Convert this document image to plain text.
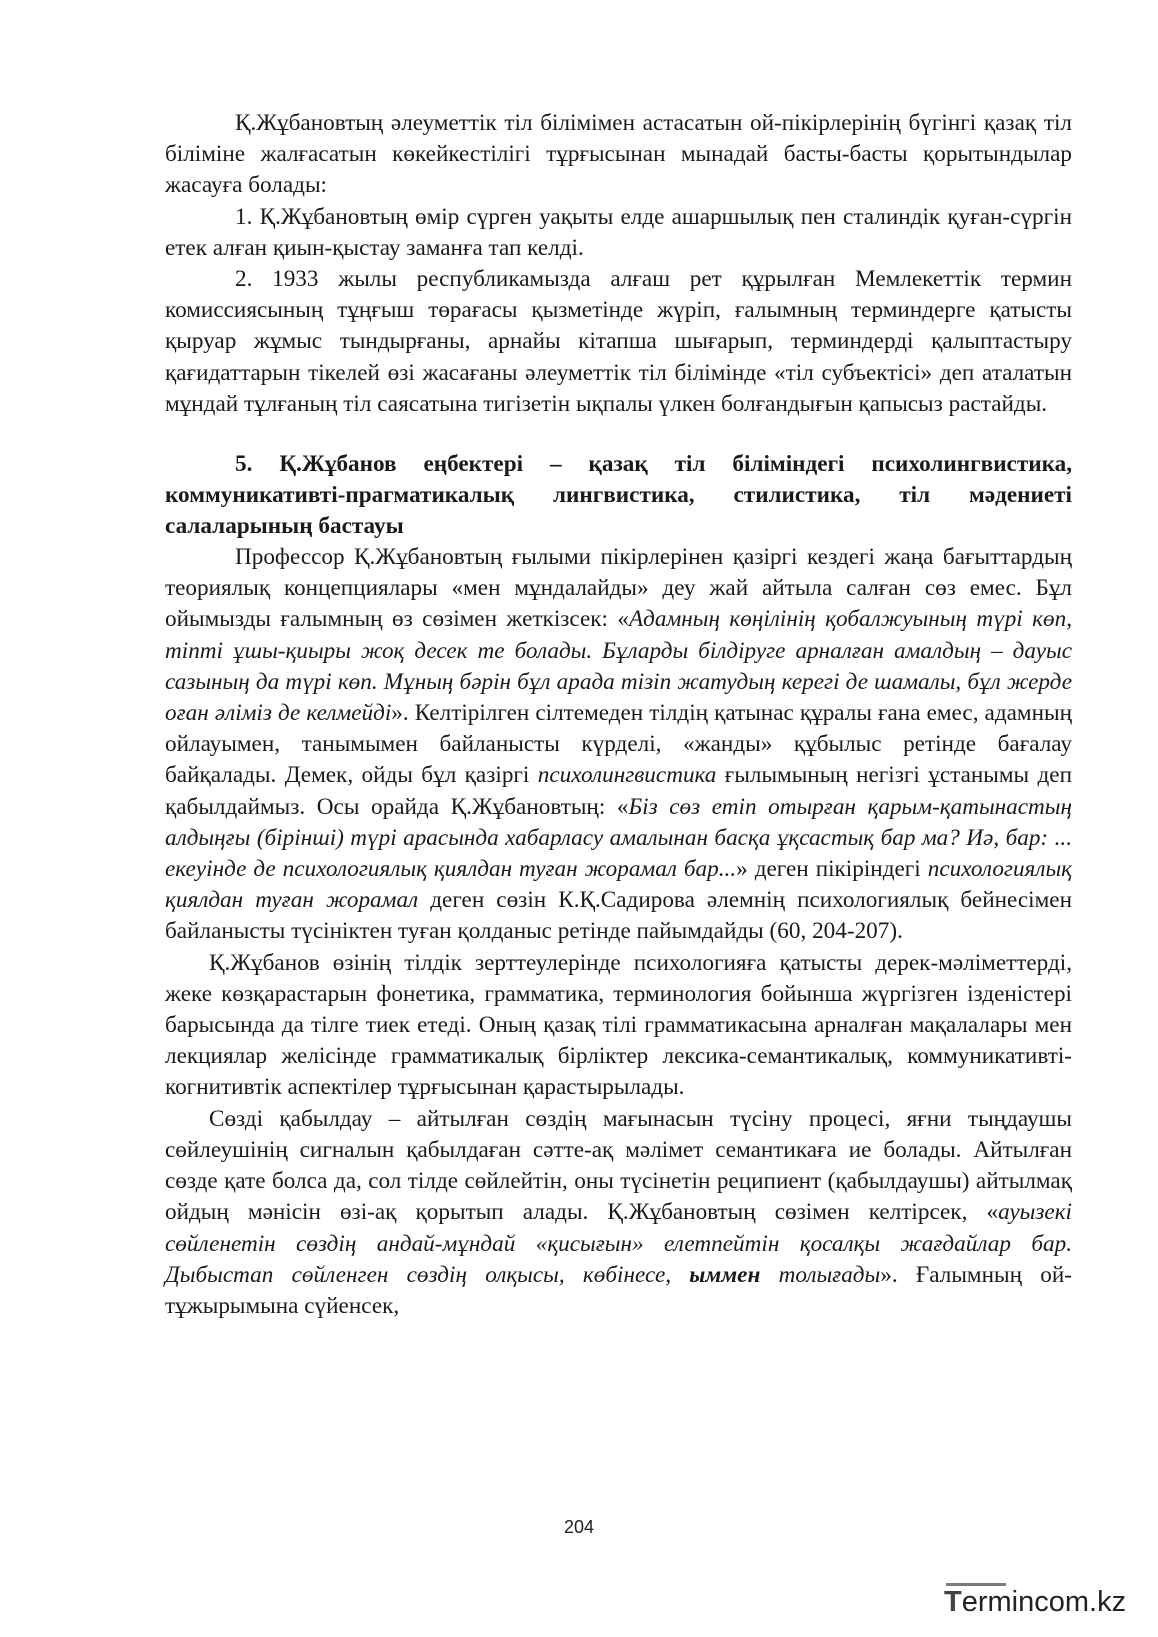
Қ.Жұбановтың әлеуметтік тіл білімімен астасатын ой-пікірлерінің бүгінгі қазақ тіл біліміне жалғасатын көкейкестілігі тұрғысынан мынадай басты-басты қорытындылар жасауға болады:

1. Қ.Жұбановтың өмір сүрген уақыты елде ашаршылық пен сталиндік қуған-сүргін етек алған қиын-қыстау заманға тап келді.

2. 1933 жылы республикамызда алғаш рет құрылған Мемлекеттік термин комиссиясының тұңғыш төрағасы қызметінде жүріп, ғалымның терминдерге қатысты қыруар жұмыс тындырғаны, арнайы кітапша шығарып, терминдерді қалыптастыру қағидаттарын тікелей өзі жасағаны әлеуметтік тіл білімінде «тіл субъектісі» деп аталатын мұндай тұлғаның тіл саясатына тигізетін ықпалы үлкен болғандығын қапысыз растайды.

5. Қ.Жұбанов еңбектері – қазақ тіл біліміндегі психолингвистика, коммуникативті-прагматикалық лингвистика, стилистика, тіл мәдениеті салаларының бастауы

Профессор Қ.Жұбановтың ғылыми пікірлерінен қазіргі кездегі жаңа бағыттардың теориялық концепциялары «мен мұндалайды» деу жай айтыла салған сөз емес. Бұл ойымызды ғалымның өз сөзімен жеткізсек: «Адамның көңілінің қобалжуының түрі көп, тіпті ұшы-қиыры жоқ десек те болады. Бұларды білдіруге арналған амалдың – дауыс сазының да түрі көп. Мұның бәрін бұл арада тізіп жатудың керегі де шамалы, бұл жерде оған әліміз де келмейді». Келтірілген сілтемеден тілдің қатынас құралы ғана емес, адамның ойлауымен, танымымен байланысты күрделі, «жанды» құбылыс ретінде бағалау байқалады. Демек, ойды бұл қазіргі психолингвистика ғылымының негізгі ұстанымы деп қабылдаймыз. Осы орайда Қ.Жұбановтың: «Біз сөз етіп отырған қарым-қатынастың алдыңғы (бірінші) түрі арасында хабарласу амалынан басқа ұқсастық бар ма? Иә, бар: ... екеуінде де психологиялық қиялдан туған жорамал бар...» деген пікіріндегі психологиялық қиялдан туған жорамал деген сөзін К.Қ.Садирова әлемнің психологиялық бейнесімен байланысты түсініктен туған қолданыс ретінде пайымдайды (60, 204-207).

Қ.Жұбанов өзінің тілдік зерттеулерінде психологияға қатысты дерек-мәліметтерді, жеке көзқарастарын фонетика, грамматика, терминология бойынша жүргізген ізденістері барысында да тілге тиек етеді. Оның қазақ тілі грамматикасына арналған мақалалары мен лекциялар желісінде грамматикалық бірліктер лексика-семантикалық, коммуникативті-когнитивтік аспектілер тұрғысынан қарастырылады.

Сөзді қабылдау – айтылған сөздің мағынасын түсіну процесі, яғни тыңдаушы сөйлеушінің сигналын қабылдаған сәтте-ақ мәлімет семантикаға ие болады. Айтылған сөзде қате болса да, сол тілде сөйлейтін, оны түсінетін реципиент (қабылдаушы) айтылмақ ойдың мәнісін өзі-ақ қорытып алады. Қ.Жұбановтың сөзімен келтірсек, «ауызекі сөйленетін сөздің андай-мұндай «қисығын» елетпейтін қосалқы жағдайлар бар. Дыбыстап сөйленген сөздің олқысы, көбінесе, ыммен толығады». Ғалымның ой-тұжырымына сүйенсек,

204
Termincom.kz
